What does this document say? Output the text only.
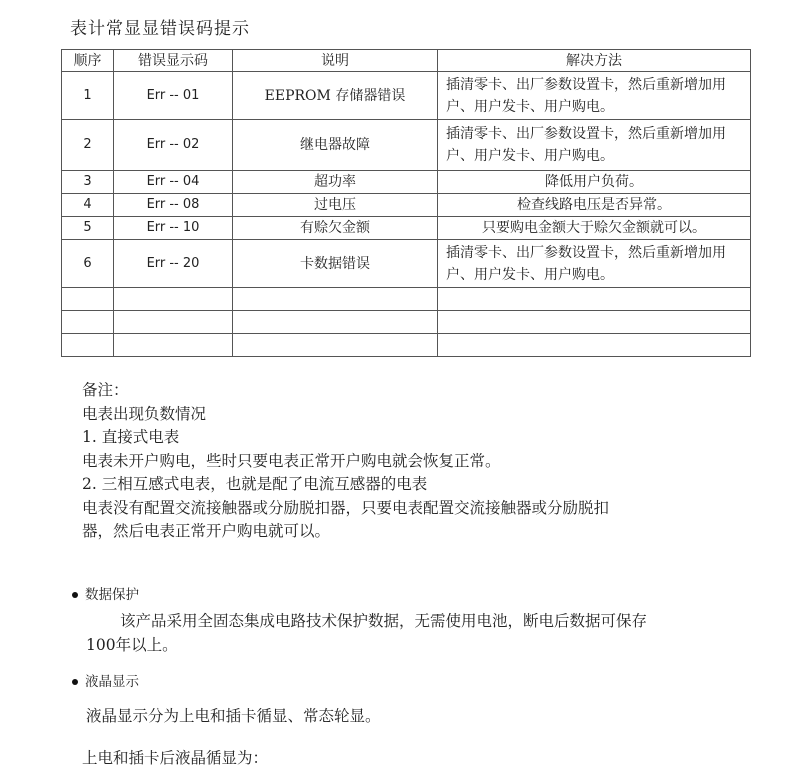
表计常显显错误码提示
顺序	错误显示码	说明	解决方法
1	Err -- 01	EEPROM 存储器错误	插清零卡、出厂参数设置卡，然后重新增加用户、用户发卡、用户购电。
2	Err -- 02	继电器故障	插清零卡、出厂参数设置卡，然后重新增加用户、用户发卡、用户购电。
3	Err -- 04	超功率	降低用户负荷。
4	Err -- 08	过电压	检查线路电压是否异常。
5	Err -- 10	有赊欠金额	只要购电金额大于赊欠金额就可以。
6	Err -- 20	卡数据错误	插清零卡、出厂参数设置卡，然后重新增加用户、用户发卡、用户购电。

备注：

电表出现负数情况

1. 直接式电表

电表未开户购电，些时只要电表正常开户购电就会恢复正常。

2. 三相互感式电表，也就是配了电流互感器的电表

电表没有配置交流接触器或分励脱扣器，只要电表配置交流接触器或分励脱扣

器，然后电表正常开户购电就可以。

数据保护
该产品采用全固态集成电路技术保护数据，无需使用电池，断电后数据可保存
100年以上。
液晶显示
液晶显示分为上电和插卡循显、常态轮显。
上电和插卡后液晶循显为：
